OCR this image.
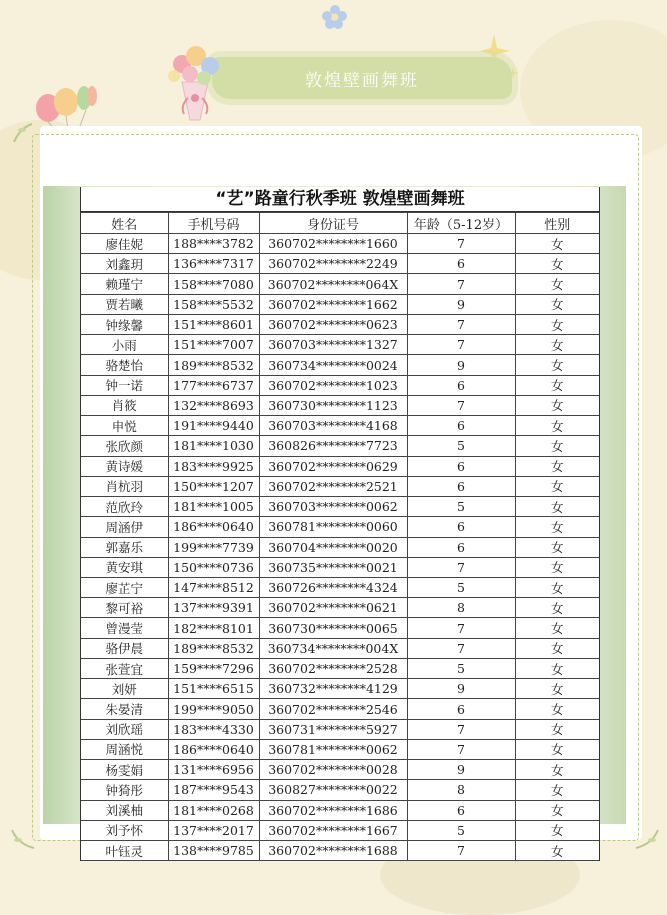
敦煌壁画舞班
“艺”路童行秋季班 敦煌壁画舞班
姓名	手机号码	身份证号	年龄（5-12岁）	性别
廖佳妮	188****3782	360702********1660	7	女
刘鑫玥	136****7317	360702********2249	6	女
赖瑾宁	158****7080	360702********064X	7	女
贾若曦	158****5532	360702********1662	9	女
钟缘馨	151****8601	360702********0623	7	女
小雨	151****7007	360703********1327	7	女
骆楚怡	189****8532	360734********0024	9	女
钟一诺	177****6737	360702********1023	6	女
肖筱	132****8693	360730********1123	7	女
申悦	191****9440	360703********4168	6	女
张欣颜	181****1030	360826********7723	5	女
黄诗媛	183****9925	360702********0629	6	女
肖杭羽	150****1207	360702********2521	6	女
范欣玲	181****1005	360703********0062	5	女
周涵伊	186****0640	360781********0060	6	女
郭嘉乐	199****7739	360704********0020	6	女
黄安琪	150****0736	360735********0021	7	女
廖芷宁	147****8512	360726********4324	5	女
黎可裕	137****9391	360702********0621	8	女
曾漫莹	182****8101	360730********0065	7	女
骆伊晨	189****8532	360734********004X	7	女
张萱宜	159****7296	360702********2528	5	女
刘妍	151****6515	360732********4129	9	女
朱晏清	199****9050	360702********2546	6	女
刘欣瑶	183****4330	360731********5927	7	女
周涵悦	186****0640	360781********0062	7	女
杨雯娟	131****6956	360702********0028	9	女
钟猗彤	187****9543	360827********0022	8	女
刘溪柚	181****0268	360702********1686	6	女
刘予怀	137****2017	360702********1667	5	女
叶钰灵	138****9785	360702********1688	7	女
